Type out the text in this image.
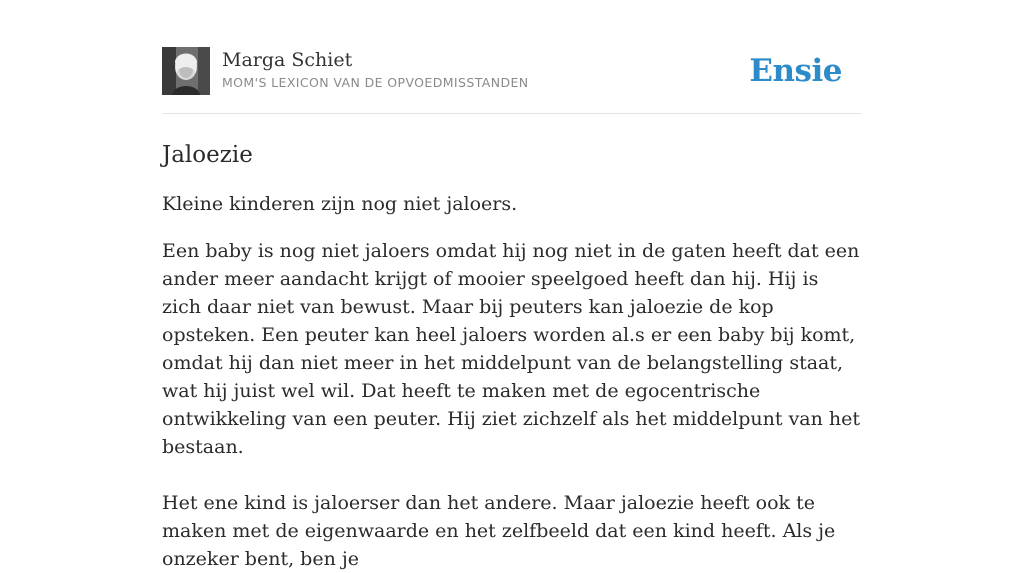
Marga Schiet
MOM'S LEXICON VAN DE OPVOEDMISSTANDEN	Ensie
Jaloezie
Kleine kinderen zijn nog niet jaloers.
Een baby is nog niet jaloers omdat hij nog niet in de gaten heeft dat een ander meer aandacht krijgt of mooier speelgoed heeft dan hij. Hij is zich daar niet van bewust. Maar bij peuters kan jaloezie de kop opsteken. Een peuter kan heel jaloers worden al.s er een baby bij komt, omdat hij dan niet meer in het middelpunt van de belangstelling staat, wat hij juist wel wil. Dat heeft te maken met de egocentrische ontwikkeling van een peuter. Hij ziet zichzelf als het middelpunt van het bestaan.
Het ene kind is jaloerser dan het andere. Maar jaloezie heeft ook te maken met de eigenwaarde en het zelfbeeld dat een kind heeft. Als je onzeker bent, ben je
